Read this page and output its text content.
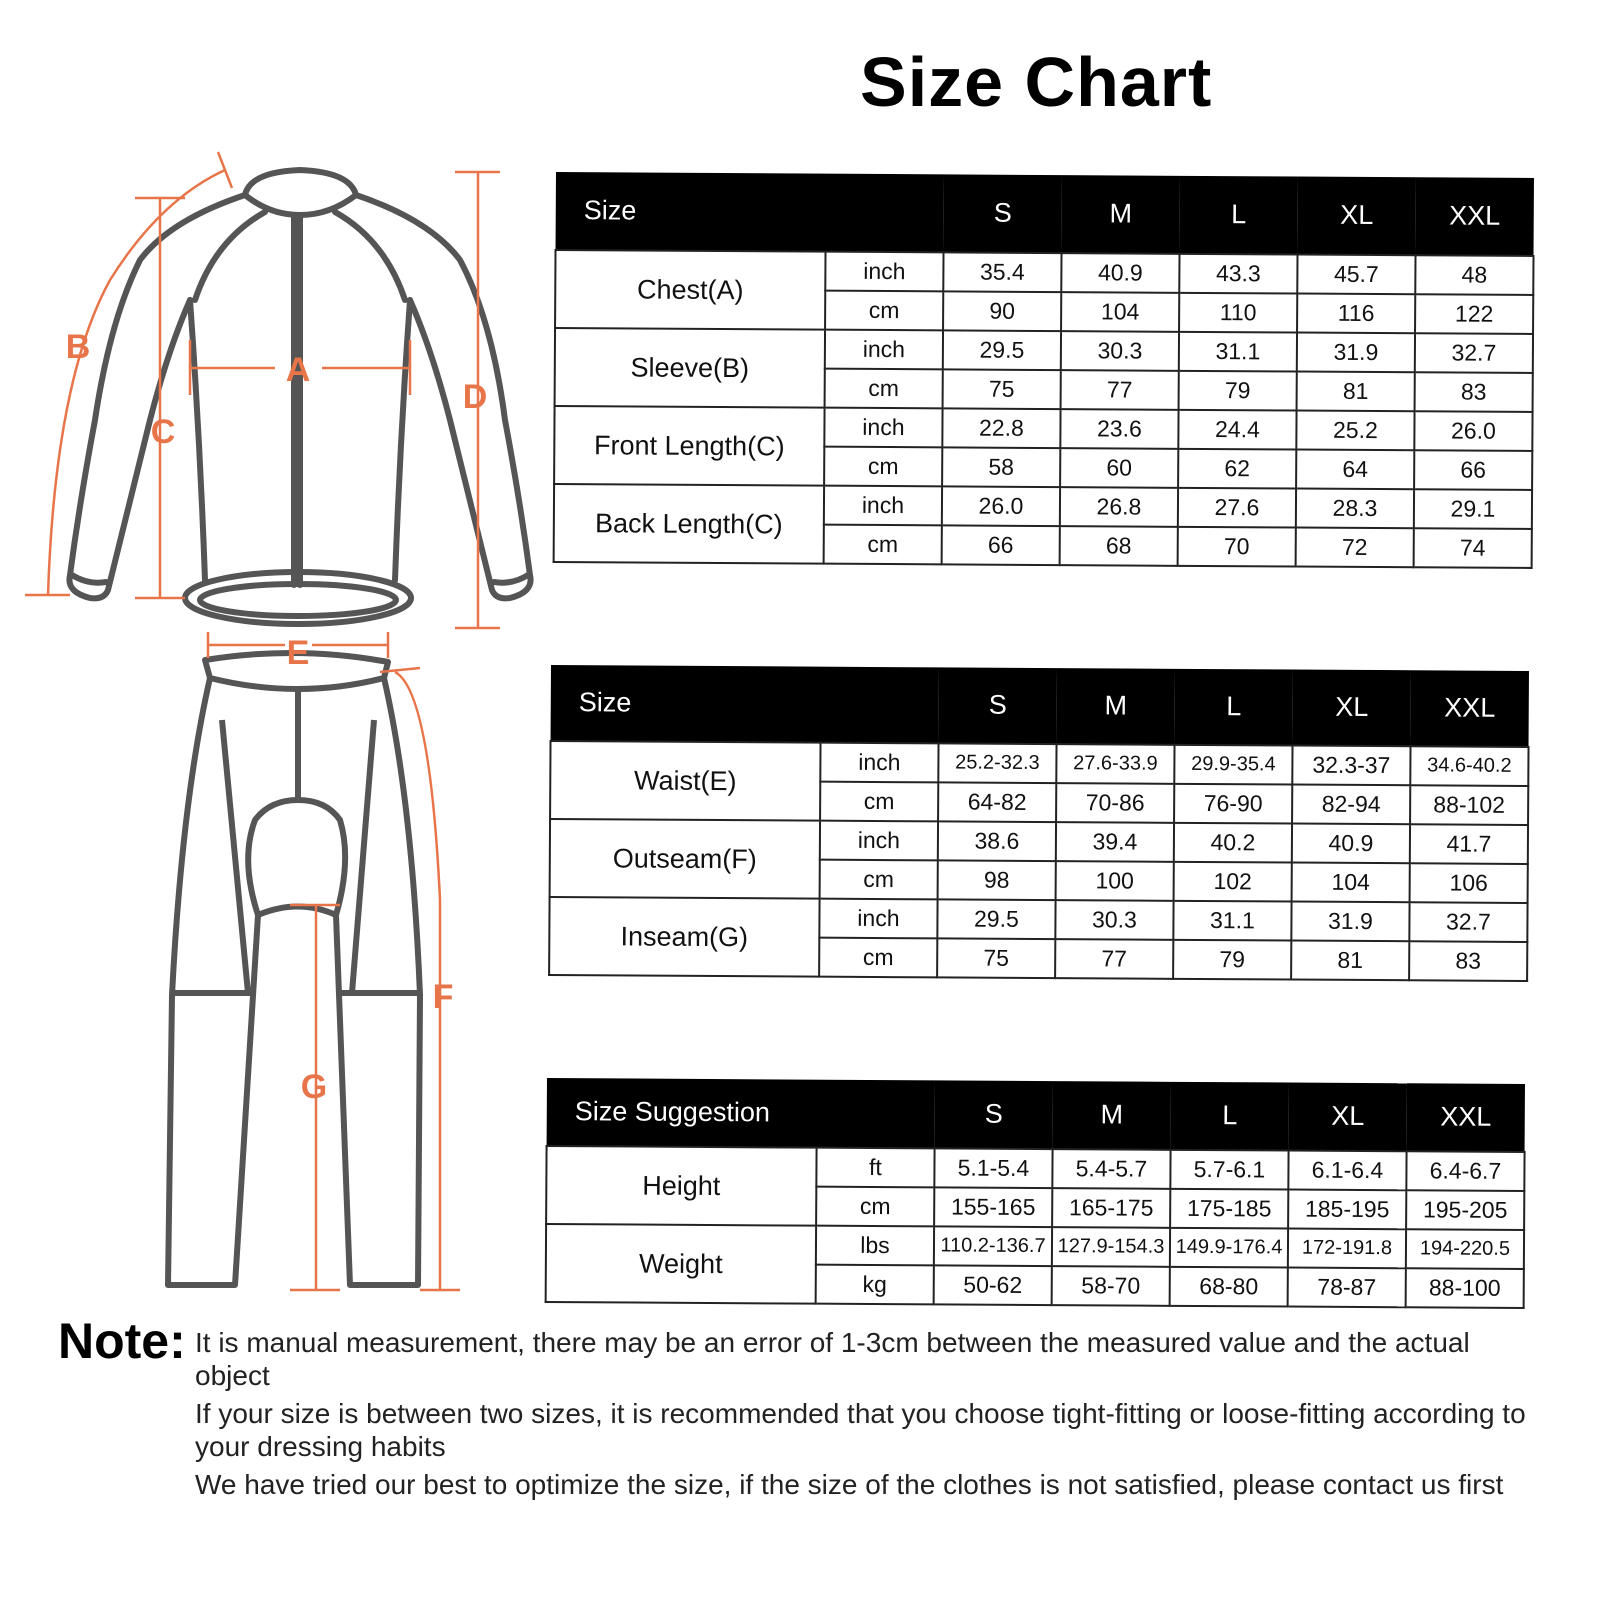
Size Chart
A
B
C
D
E
F
G
Size		S	M	L	XL	XXL
Chest(A)	inch	35.4	40.9	43.3	45.7	48
	cm	90	104	110	116	122
Sleeve(B)	inch	29.5	30.3	31.1	31.9	32.7
	cm	75	77	79	81	83
Front Length(C)	inch	22.8	23.6	24.4	25.2	26.0
	cm	58	60	62	64	66
Back Length(C)	inch	26.0	26.8	27.6	28.3	29.1
	cm	66	68	70	72	74
Size		S	M	L	XL	XXL
Waist(E)	inch	25.2-32.3	27.6-33.9	29.9-35.4	32.3-37	34.6-40.2
	cm	64-82	70-86	76-90	82-94	88-102
Outseam(F)	inch	38.6	39.4	40.2	40.9	41.7
	cm	98	100	102	104	106
Inseam(G)	inch	29.5	30.3	31.1	31.9	32.7
	cm	75	77	79	81	83
Size Suggestion		S	M	L	XL	XXL
Height	ft	5.1-5.4	5.4-5.7	5.7-6.1	6.1-6.4	6.4-6.7
	cm	155-165	165-175	175-185	185-195	195-205
Weight	lbs	110.2-136.7	127.9-154.3	149.9-176.4	172-191.8	194-220.5
	kg	50-62	58-70	68-80	78-87	88-100
Note: It is manual measurement, there may be an error of 1-3cm between the measured value and the actual object
If your size is between two sizes, it is recommended that you choose tight-fitting or loose-fitting according to your dressing habits
We have tried our best to optimize the size, if the size of the clothes is not satisfied, please contact us first
